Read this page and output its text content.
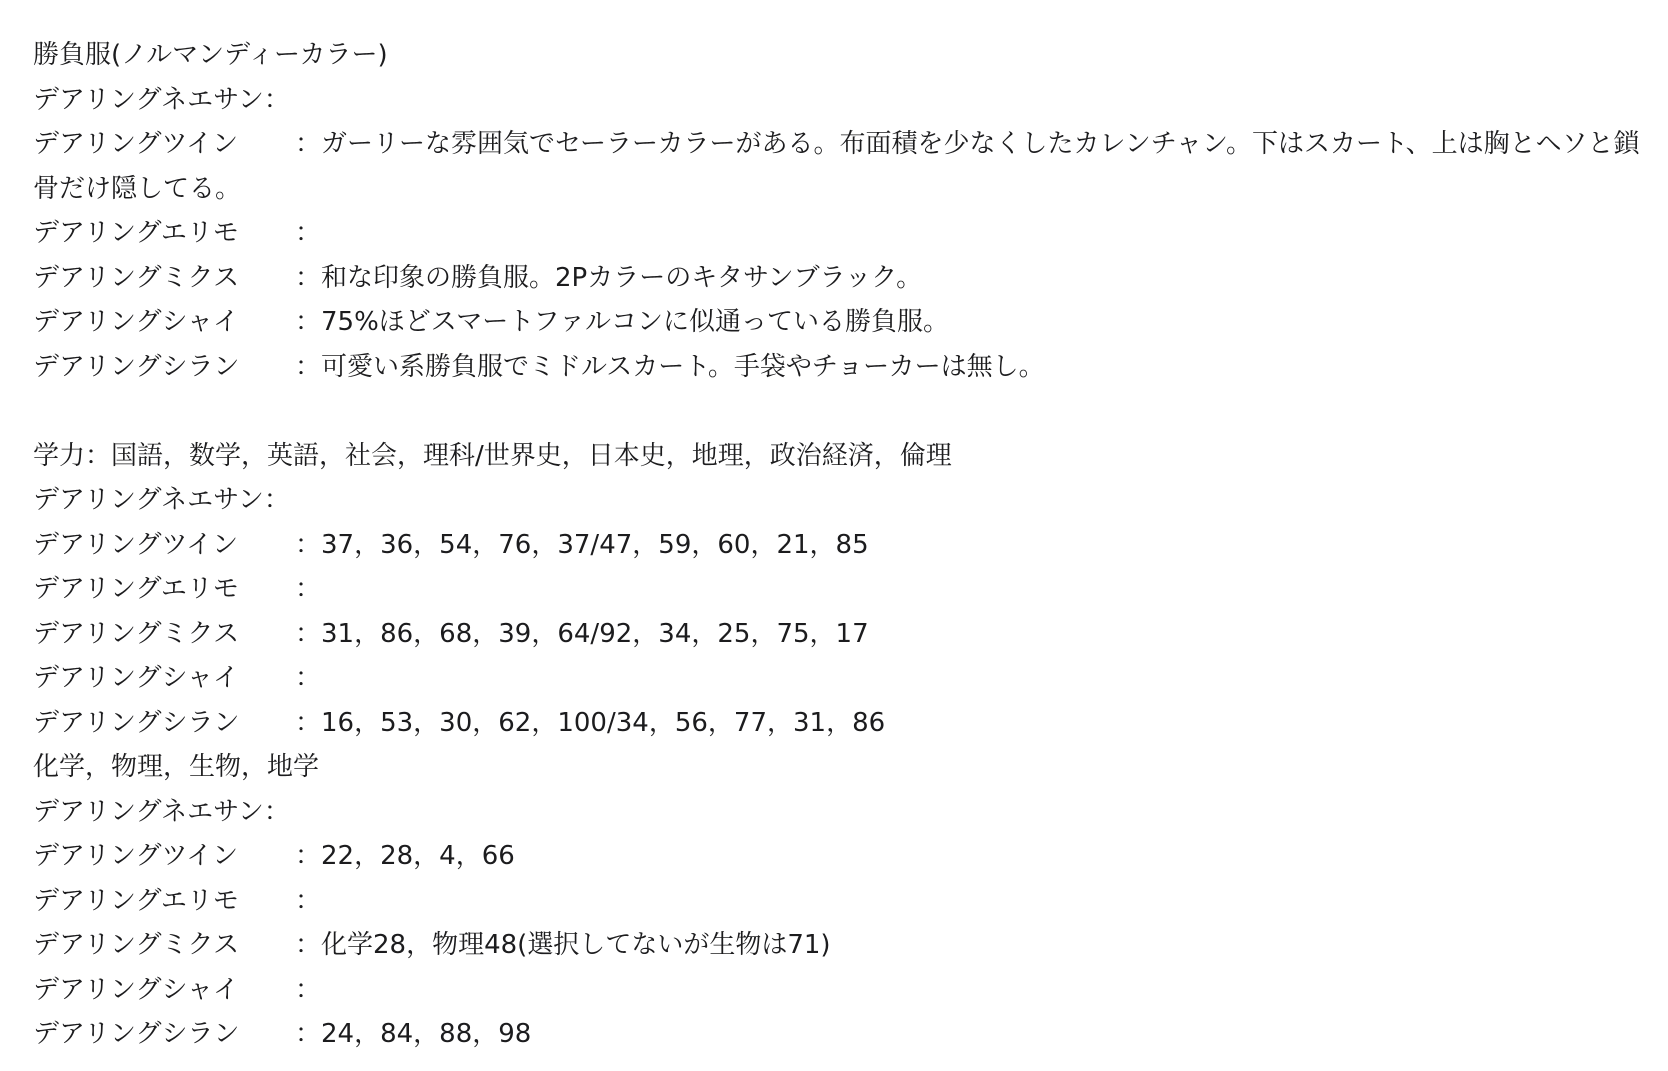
勝負服(ノルマンディーカラー)
デアリングネエサン：
デアリングツイン ：ガーリーな雰囲気でセーラーカラーがある。布面積を少なくしたカレンチャン。下はスカート、上は胸とヘソと鎖骨だけ隠してる。
デアリングエリモ ：
デアリングミクス ：和な印象の勝負服。2Pカラーのキタサンブラック。
デアリングシャイ ：75%ほどスマートファルコンに似通っている勝負服。
デアリングシラン ：可愛い系勝負服でミドルスカート。手袋やチョーカーは無し。
学力：国語，数学，英語，社会，理科/世界史，日本史，地理，政治経済，倫理
デアリングネエサン：
デアリングツイン ：37，36，54，76，37/47，59，60，21，85
デアリングエリモ ：
デアリングミクス ：31，86，68，39，64/92，34，25，75，17
デアリングシャイ ：
デアリングシラン ：16，53，30，62，100/34，56，77，31，86
化学，物理，生物，地学
デアリングネエサン：
デアリングツイン ：22，28，4，66
デアリングエリモ ：
デアリングミクス ：化学28，物理48(選択してないが生物は71)
デアリングシャイ ：
デアリングシラン ：24，84，88，98
